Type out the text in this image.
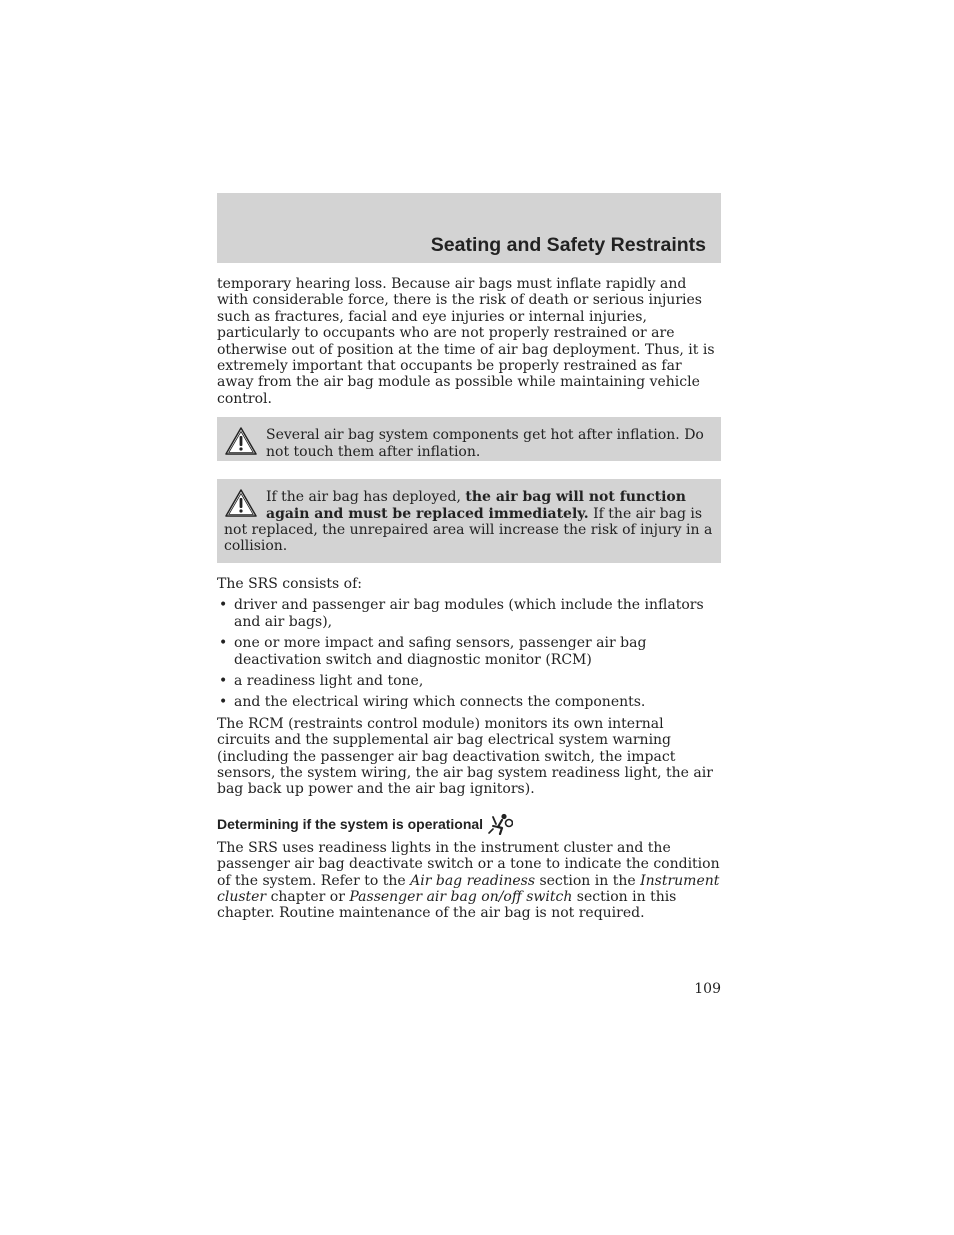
Seating and Safety Restraints

temporary hearing loss. Because air bags must inflate rapidly and with considerable force, there is the risk of death or serious injuries such as fractures, facial and eye injuries or internal injuries, particularly to occupants who are not properly restrained or are otherwise out of position at the time of air bag deployment. Thus, it is extremely important that occupants be properly restrained as far away from the air bag module as possible while maintaining vehicle control.

Several air bag system components get hot after inflation. Do not touch them after inflation.
If the air bag has deployed, the air bag will not function again and must be replaced immediately. If the air bag is not replaced, the unrepaired area will increase the risk of injury in a collision.

The SRS consists of:

• driver and passenger air bag modules (which include the inflators and air bags),
• one or more impact and safing sensors, passenger air bag deactivation switch and diagnostic monitor (RCM)
• a readiness light and tone,
• and the electrical wiring which connects the components.

The RCM (restraints control module) monitors its own internal circuits and the supplemental air bag electrical system warning (including the passenger air bag deactivation switch, the impact sensors, the system wiring, the air bag system readiness light, the air bag back up power and the air bag ignitors).

Determining if the system is operational

The SRS uses readiness lights in the instrument cluster and the passenger air bag deactivate switch or a tone to indicate the condition of the system. Refer to the Air bag readiness section in the Instrument cluster chapter or Passenger air bag on/off switch section in this chapter. Routine maintenance of the air bag is not required.

109
